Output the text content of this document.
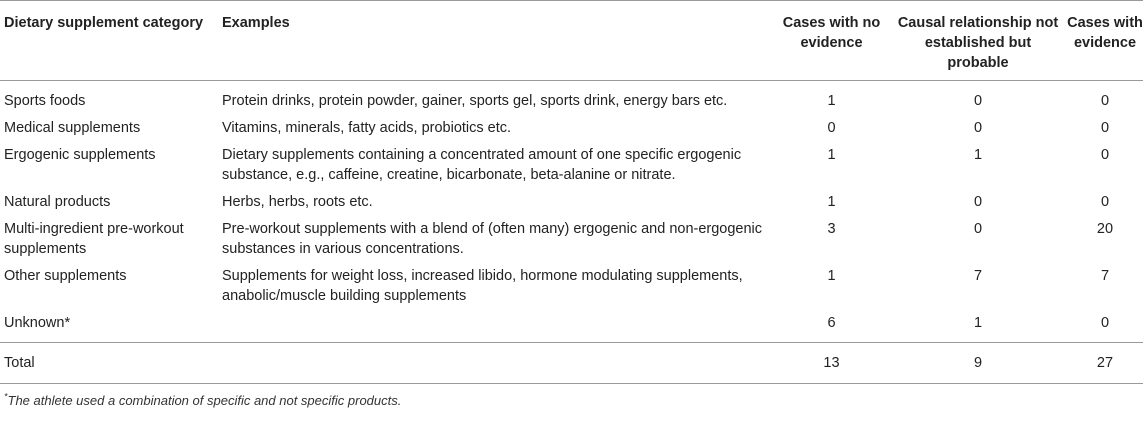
Dietary supplement category	Examples	Cases with no evidence	Causal relationship not established but probable	Cases with evidence
Sports foods	Protein drinks, protein powder, gainer, sports gel, sports drink, energy bars etc.	1	0	0
Medical supplements	Vitamins, minerals, fatty acids, probiotics etc.	0	0	0
Ergogenic supplements	Dietary supplements containing a concentrated amount of one specific ergogenic substance, e.g., caffeine, creatine, bicarbonate, beta-alanine or nitrate.	1	1	0
Natural products	Herbs, herbs, roots etc.	1	0	0
Multi-ingredient pre-workout supplements	Pre-workout supplements with a blend of (often many) ergogenic and non-ergogenic substances in various concentrations.	3	0	20
Other supplements	Supplements for weight loss, increased libido, hormone modulating supplements, anabolic/muscle building supplements	1	7	7
Unknown*		6	1	0
Total		13	9	27
*The athlete used a combination of specific and not specific products.
